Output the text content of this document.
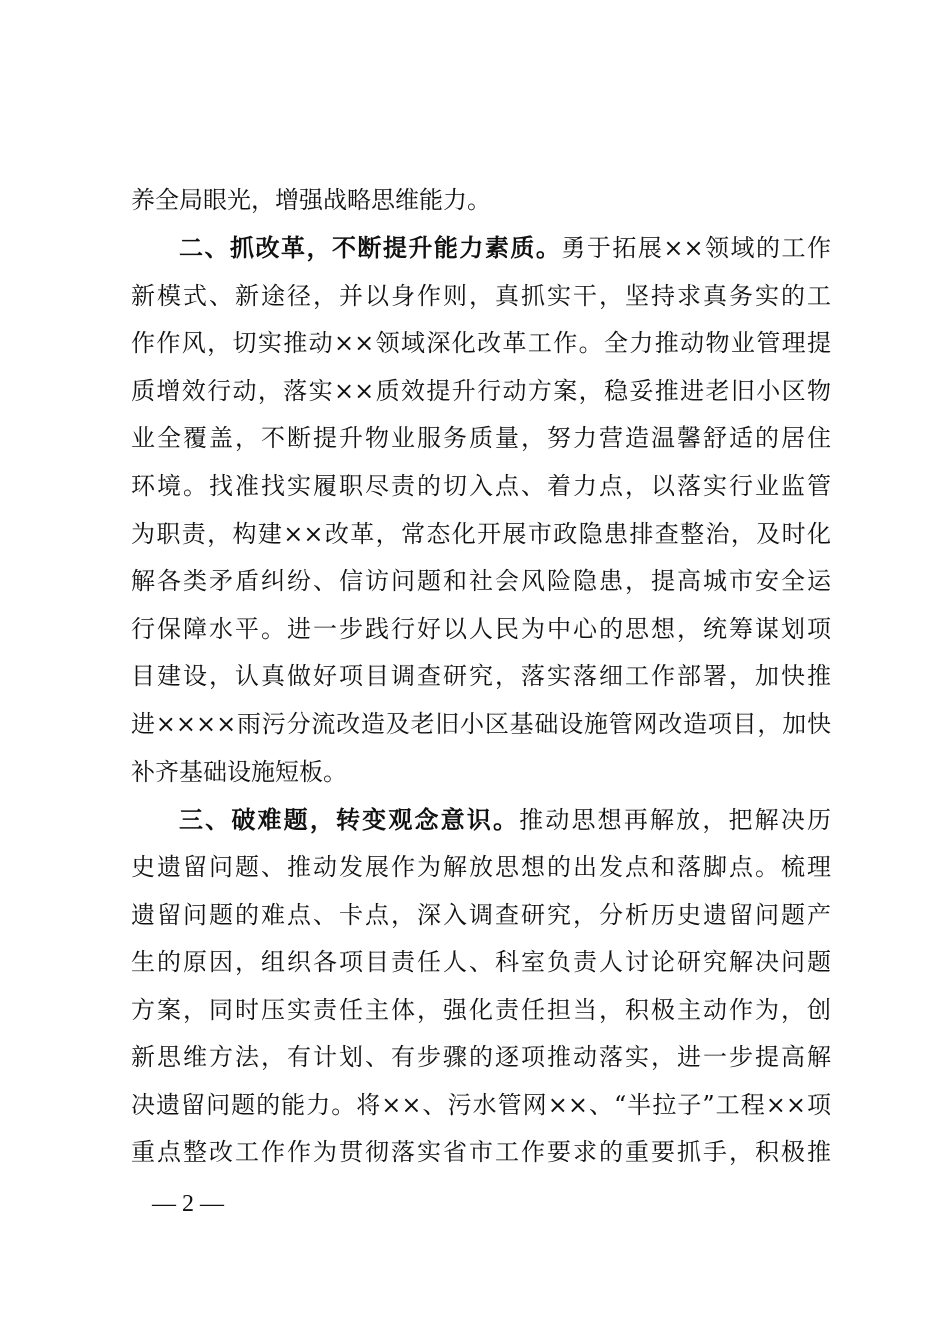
养全局眼光，增强战略思维能力。
二、抓改革，不断提升能力素质。勇于拓展××领域的工作
新模式、新途径，并以身作则，真抓实干，坚持求真务实的工
作作风，切实推动××领域深化改革工作。全力推动物业管理提
质增效行动，落实××质效提升行动方案，稳妥推进老旧小区物
业全覆盖，不断提升物业服务质量，努力营造温馨舒适的居住
环境。找准找实履职尽责的切入点、着力点，以落实行业监管
为职责，构建××改革，常态化开展市政隐患排查整治，及时化
解各类矛盾纠纷、信访问题和社会风险隐患，提高城市安全运
行保障水平。进一步践行好以人民为中心的思想，统筹谋划项
目建设，认真做好项目调查研究，落实落细工作部署，加快推
进××××雨污分流改造及老旧小区基础设施管网改造项目，加快
补齐基础设施短板。
三、破难题，转变观念意识。推动思想再解放，把解决历
史遗留问题、推动发展作为解放思想的出发点和落脚点。梳理
遗留问题的难点、卡点，深入调查研究，分析历史遗留问题产
生的原因，组织各项目责任人、科室负责人讨论研究解决问题
方案，同时压实责任主体，强化责任担当，积极主动作为，创
新思维方法，有计划、有步骤的逐项推动落实，进一步提高解
决遗留问题的能力。将××、污水管网××、“半拉子”工程××项
重点整改工作作为贯彻落实省市工作要求的重要抓手，积极推
— 2 —
